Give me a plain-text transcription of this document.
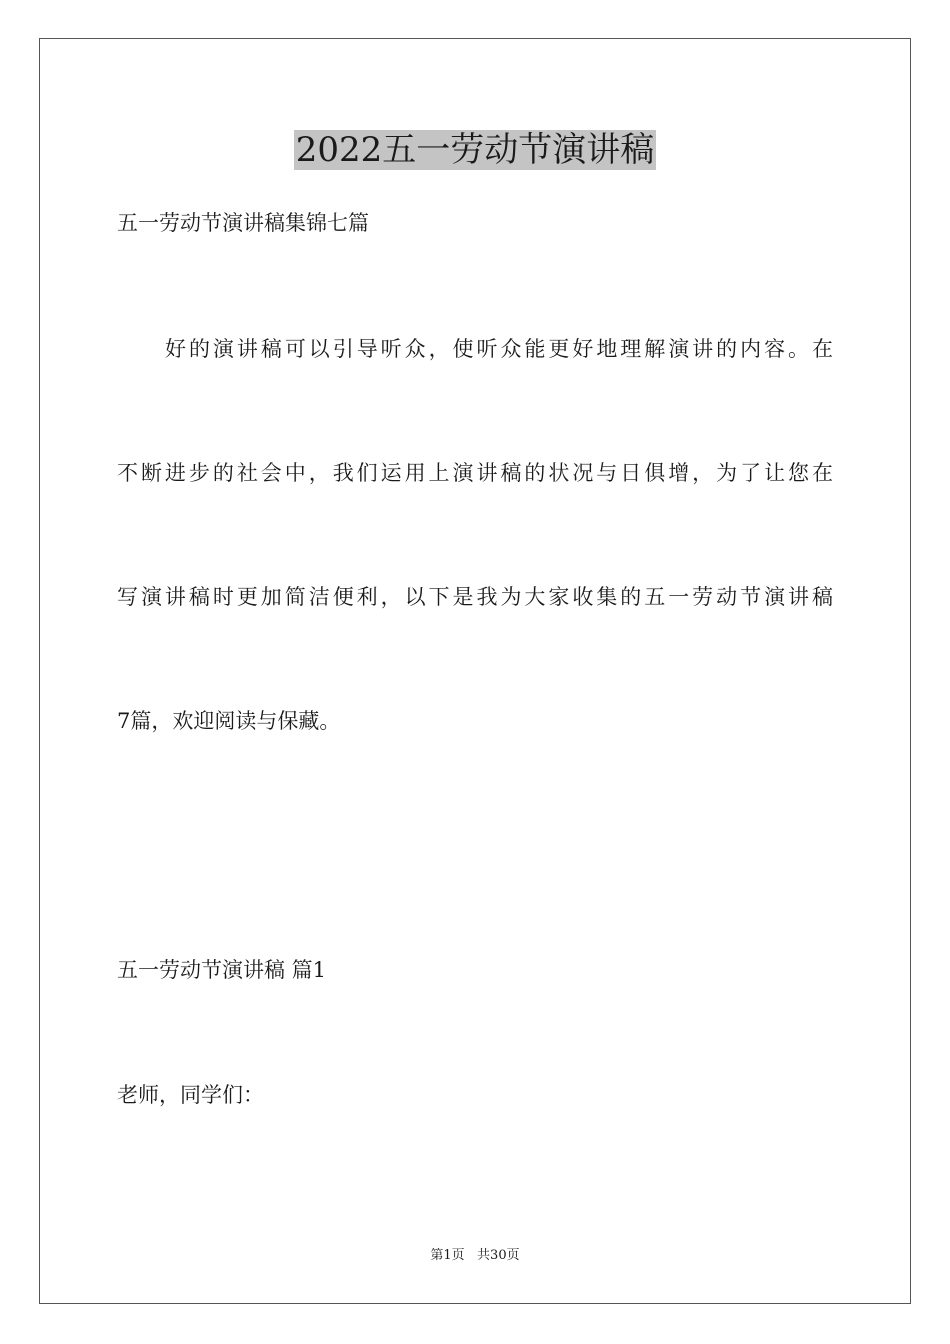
2022五一劳动节演讲稿

五一劳动节演讲稿集锦七篇

好的演讲稿可以引导听众，使听众能更好地理解演讲的内容。在

不断进步的社会中，我们运用上演讲稿的状况与日俱增，为了让您在

写演讲稿时更加简洁便利，以下是我为大家收集的五一劳动节演讲稿

7篇，欢迎阅读与保藏。

五一劳动节演讲稿 篇1

老师，同学们：

第1页   共30页
